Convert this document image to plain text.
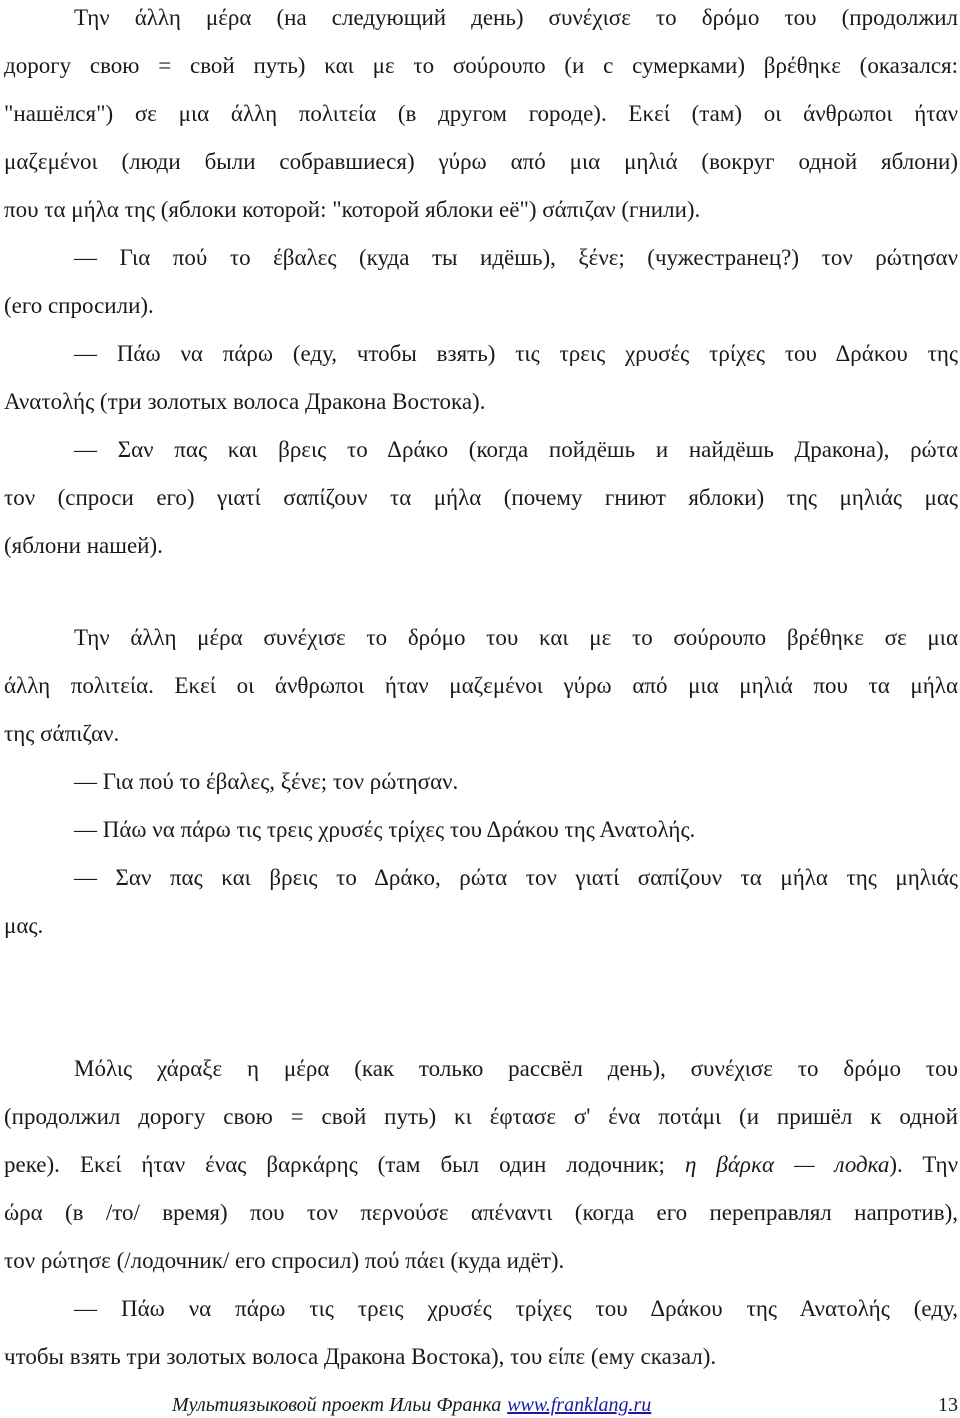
Την άλλη μέρα (на следующий день) συνέχισε το δρόμο του (продолжил

дорогу свою = свой путь) και με το σούρουπο (и с сумерками) βρέθηκε (оказался:

"нашёлся") σε μια άλλη πολιτεία (в другом городе). Εκεί (там) οι άνθρωποι ήταν

μαζεμένοι (люди были собравшиеся) γύρω από μια μηλιά (вокруг одной яблони)

που τα μήλα της (яблоки которой: "которой яблоки её") σάπιζαν (гнили).

— Για πού το έβαλες (куда ты идёшь), ξένε; (чужестранец?) τον ρώτησαν

(его спросили).

— Πάω να πάρω (еду, чтобы взять) τις τρεις χρυσές τρίχες του Δράκου της

Ανατολής (три золотых волоса Дракона Востока).

— Σαν πας και βρεις το Δράκο (когда пойдёшь и найдёшь Дракона), ρώτα

τον (спроси его) γιατί σαπίζουν τα μήλα (почему гниют яблоки) της μηλιάς μας

(яблони нашей).

Την άλλη μέρα συνέχισε το δρόμο του και με το σούρουπο βρέθηκε σε μια

άλλη πολιτεία. Εκεί οι άνθρωποι ήταν μαζεμένοι γύρω από μια μηλιά που τα μήλα

της σάπιζαν.

— Για πού το έβαλες, ξένε; τον ρώτησαν.

— Πάω να πάρω τις τρεις χρυσές τρίχες του Δράκου της Ανατολής.

— Σαν πας και βρεις το Δράκο, ρώτα τον γιατί σαπίζουν τα μήλα της μηλιάς

μας.

Μόλις χάραξε η μέρα (как только рассвёл день), συνέχισε το δρόμο του

(продолжил дорогу свою = свой путь) κι έφτασε σ' ένα ποτάμι (и пришёл к одной

реке). Εκεί ήταν ένας βαρκάρης (там был один лодочник; η βάρκα — лодка). Την

ώρα (в /то/ время) που τον περνούσε απέναντι (когда его переправлял напротив),

τον ρώτησε (/лодочник/ его спросил) πού πάει (куда идёт).

— Πάω να πάρω τις τρεις χρυσές τρίχες του Δράκου της Ανατολής (еду,

чтобы взять три золотых волоса Дракона Востока), του είπε (ему сказал).

Мультиязыковой проект Ильи Франка www.franklang.ru	13
